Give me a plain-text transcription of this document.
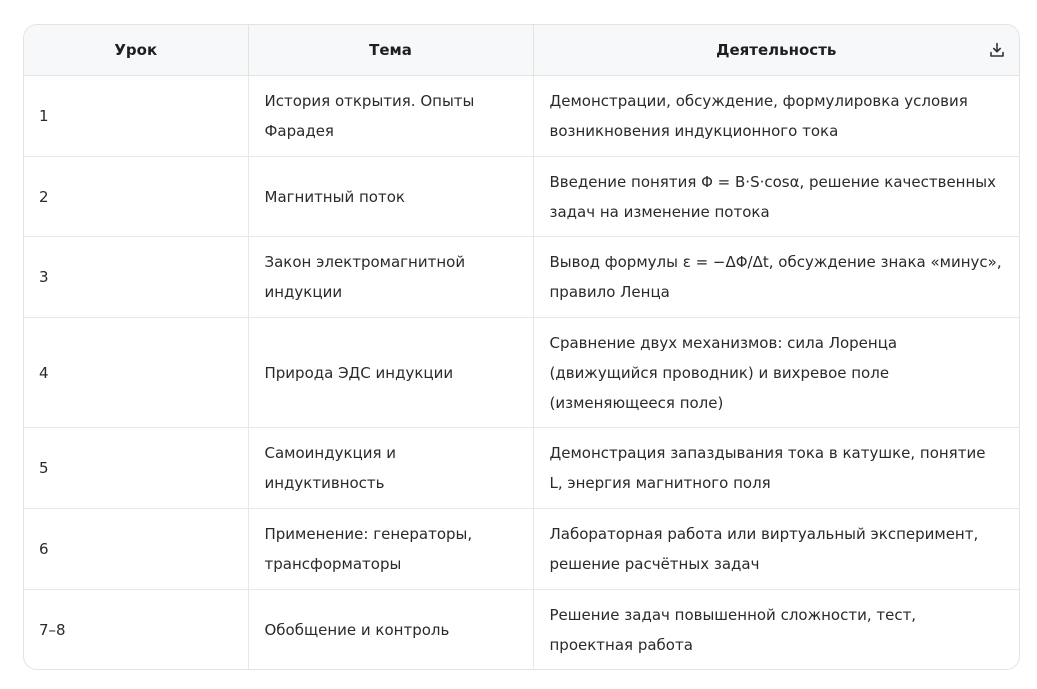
Урок	Тема	Деятельность

1	История открытия. Опыты Фарадея	Демонстрации, обсуждение, формулировка условия возникновения индукционного тока
2	Магнитный поток	Введение понятия Φ = B·S·cosα, решение качественных задач на изменение потока
3	Закон электромагнитной индукции	Вывод формулы ε = −ΔΦ/Δt, обсуждение знака «минус», правило Ленца
4	Природа ЭДС индукции	Сравнение двух механизмов: сила Лоренца (движущийся проводник) и вихревое поле (изменяющееся поле)
5	Самоиндукция и индуктивность	Демонстрация запаздывания тока в катушке, понятие L, энергия магнитного поля
6	Применение: генераторы, трансформаторы	Лабораторная работа или виртуальный эксперимент, решение расчётных задач
7–8	Обобщение и контроль	Решение задач повышенной сложности, тест, проектная работа
